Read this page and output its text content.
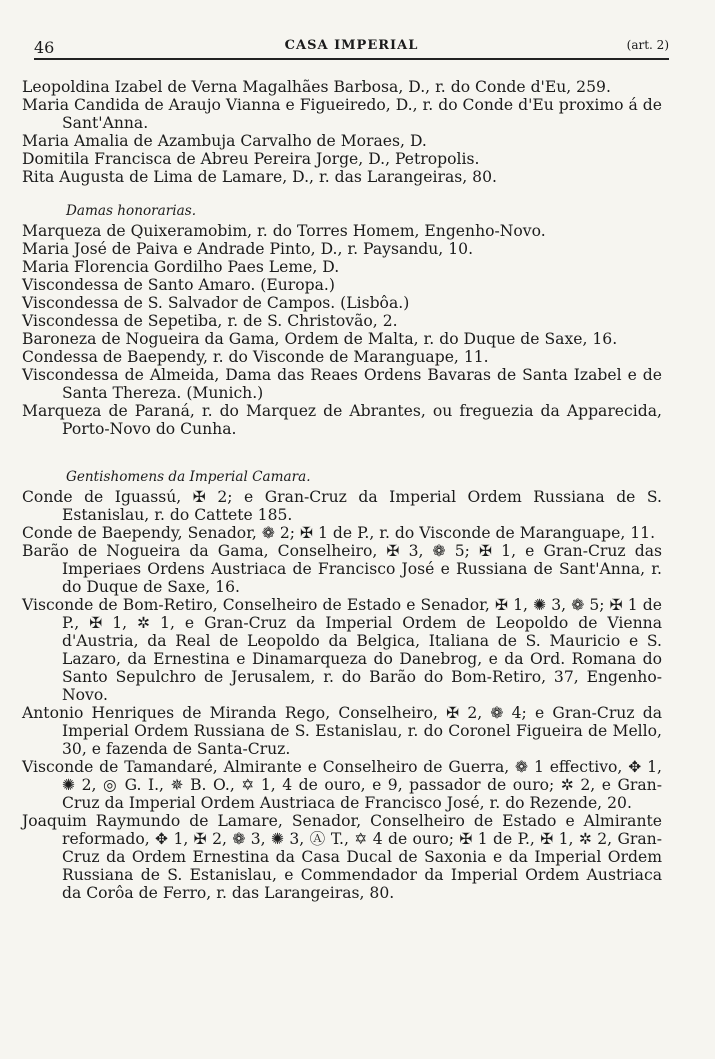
46	CASA IMPERIAL	(art. 2)

Leopoldina Izabel de Verna Magalhães Barbosa, D., r. do Conde d'Eu, 259.

Maria Candida de Araujo Vianna e Figueiredo, D., r. do Conde d'Eu proximo á de Sant'Anna.

Maria Amalia de Azambuja Carvalho de Moraes, D.

Domitila Francisca de Abreu Pereira Jorge, D., Petropolis.

Rita Augusta de Lima de Lamare, D., r. das Larangeiras, 80.

Damas honorarias.

Marqueza de Quixeramobim, r. do Torres Homem, Engenho-Novo.

Maria José de Paiva e Andrade Pinto, D., r. Paysandu, 10.

Maria Florencia Gordilho Paes Leme, D.

Viscondessa de Santo Amaro. (Europa.)

Viscondessa de S. Salvador de Campos. (Lisbôa.)

Viscondessa de Sepetiba, r. de S. Christovão, 2.

Baroneza de Nogueira da Gama, Ordem de Malta, r. do Duque de Saxe, 16.

Condessa de Baependy, r. do Visconde de Maranguape, 11.

Viscondessa de Almeida, Dama das Reaes Ordens Bavaras de Santa Izabel e de Santa Thereza. (Munich.)

Marqueza de Paraná, r. do Marquez de Abrantes, ou freguezia da Apparecida, Porto-Novo do Cunha.

Gentishomens da Imperial Camara.

Conde de Iguassú, ✠ 2; e Gran-Cruz da Imperial Ordem Russiana de S. Estanislau, r. do Cattete 185.

Conde de Baependy, Senador, ❁ 2; ✠ 1 de P., r. do Visconde de Maranguape, 11.

Barão de Nogueira da Gama, Conselheiro, ✠ 3, ❁ 5; ✠ 1, e Gran-Cruz das Imperiaes Ordens Austriaca de Francisco José e Russiana de Sant'Anna, r. do Duque de Saxe, 16.

Visconde de Bom-Retiro, Conselheiro de Estado e Senador, ✠ 1, ✺ 3, ❁ 5; ✠ 1 de P., ✠ 1, ✲ 1, e Gran-Cruz da Imperial Ordem de Leopoldo de Vienna d'Austria, da Real de Leopoldo da Belgica, Italiana de S. Mauricio e S. Lazaro, da Ernestina e Dinamarqueza do Danebrog, e da Ord. Romana do Santo Sepulchro de Jerusalem, r. do Barão do Bom-Retiro, 37, Engenho-Novo.

Antonio Henriques de Miranda Rego, Conselheiro, ✠ 2, ❁ 4; e Gran-Cruz da Imperial Ordem Russiana de S. Estanislau, r. do Coronel Figueira de Mello, 30, e fazenda de Santa-Cruz.

Visconde de Tamandaré, Almirante e Conselheiro de Guerra, ❁ 1 effectivo, ✥ 1, ✺ 2, ◎ G. I., ✵ B. O., ✡ 1, 4 de ouro, e 9, passador de ouro; ✲ 2, e Gran-Cruz da Imperial Ordem Austriaca de Francisco José, r. do Rezende, 20.

Joaquim Raymundo de Lamare, Senador, Conselheiro de Estado e Almirante reformado, ✥ 1, ✠ 2, ❁ 3, ✺ 3, Ⓐ T., ✡ 4 de ouro; ✠ 1 de P., ✠ 1, ✲ 2, Gran-Cruz da Ordem Ernestina da Casa Ducal de Saxonia e da Imperial Ordem Russiana de S. Estanislau, e Commendador da Imperial Ordem Austriaca da Corôa de Ferro, r. das Larangeiras, 80.
